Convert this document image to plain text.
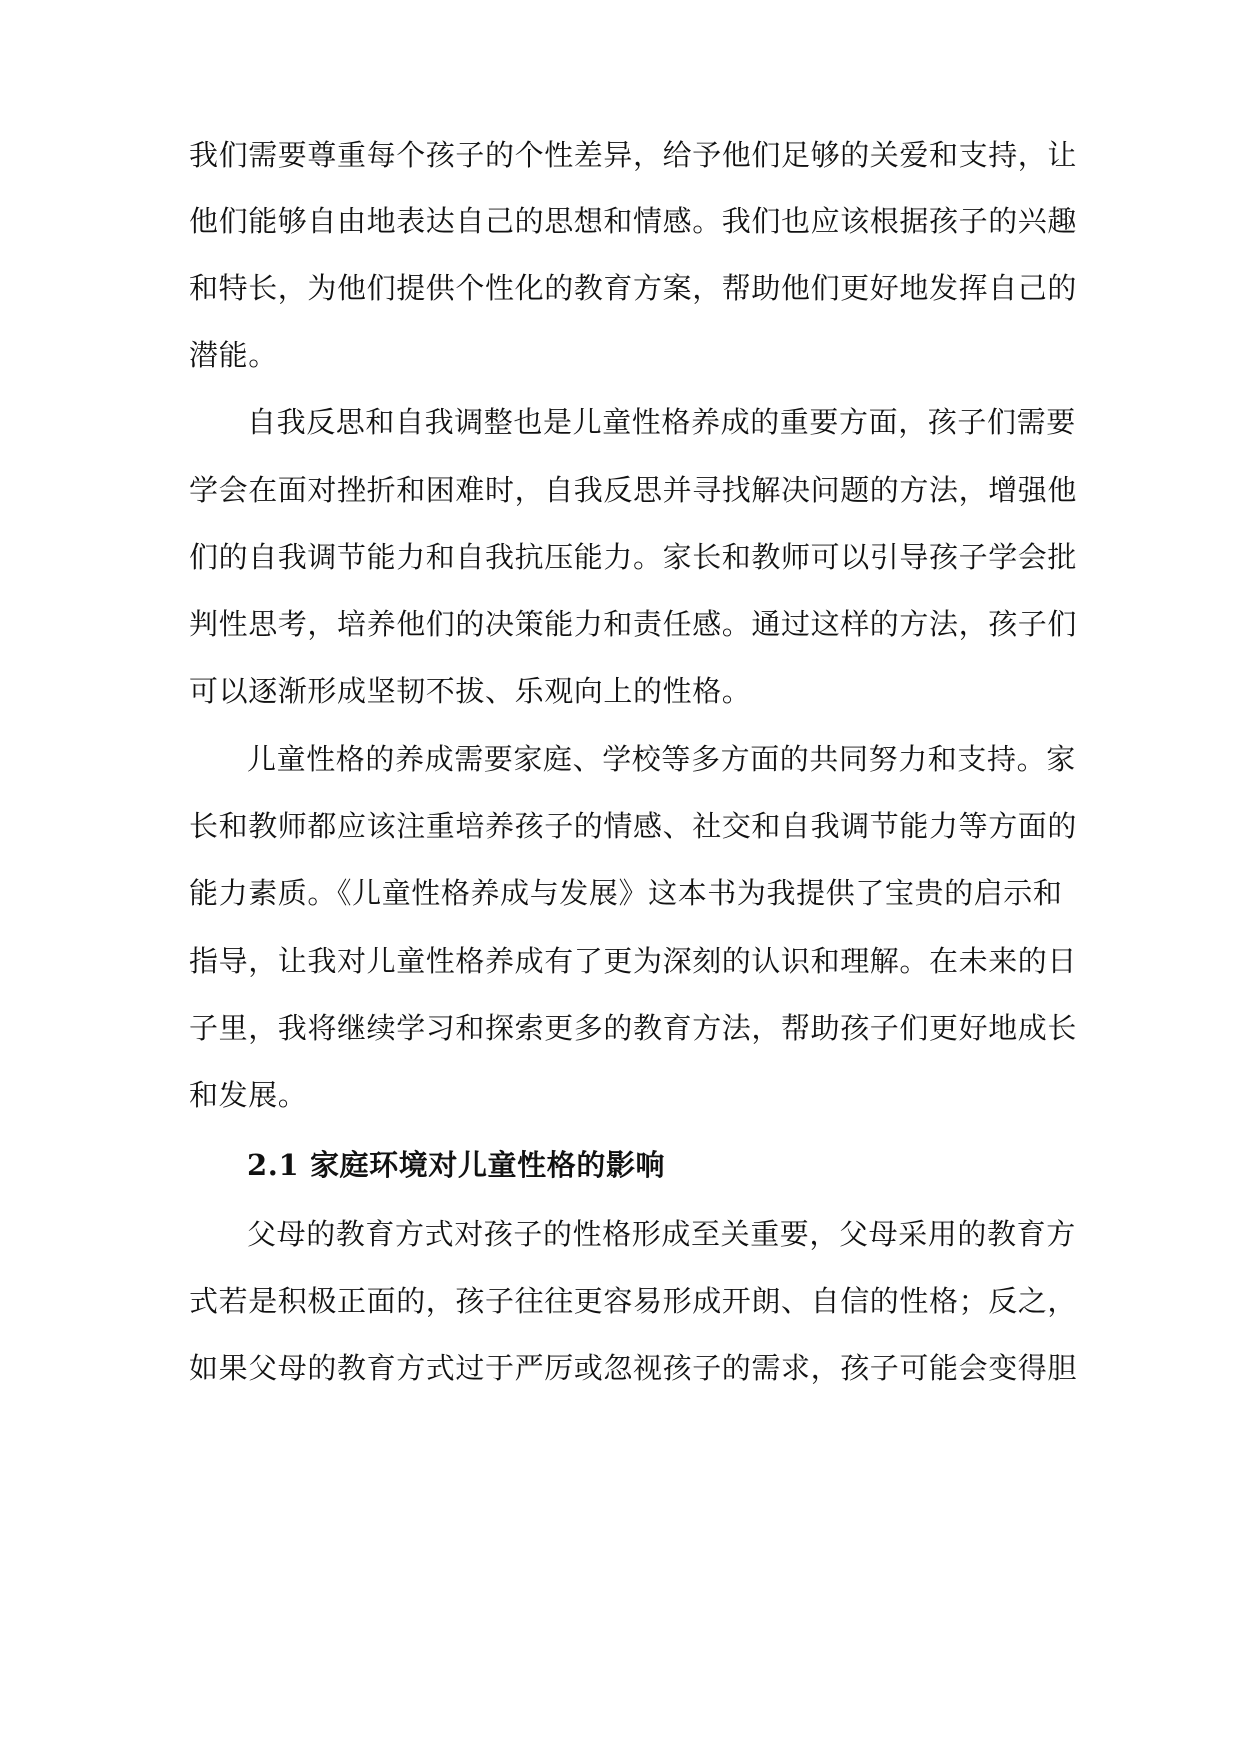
我们需要尊重每个孩子的个性差异，给予他们足够的关爱和支持，让
他们能够自由地表达自己的思想和情感。我们也应该根据孩子的兴趣
和特长，为他们提供个性化的教育方案，帮助他们更好地发挥自己的
潜能。
自我反思和自我调整也是儿童性格养成的重要方面，孩子们需要
学会在面对挫折和困难时，自我反思并寻找解决问题的方法，增强他
们的自我调节能力和自我抗压能力。家长和教师可以引导孩子学会批
判性思考，培养他们的决策能力和责任感。通过这样的方法，孩子们
可以逐渐形成坚韧不拔、乐观向上的性格。
儿童性格的养成需要家庭、学校等多方面的共同努力和支持。家
长和教师都应该注重培养孩子的情感、社交和自我调节能力等方面的
能力素质。《儿童性格养成与发展》这本书为我提供了宝贵的启示和
指导，让我对儿童性格养成有了更为深刻的认识和理解。在未来的日
子里，我将继续学习和探索更多的教育方法，帮助孩子们更好地成长
和发展。
2.1 家庭环境对儿童性格的影响
父母的教育方式对孩子的性格形成至关重要，父母采用的教育方
式若是积极正面的，孩子往往更容易形成开朗、自信的性格；反之，
如果父母的教育方式过于严厉或忽视孩子的需求，孩子可能会变得胆
